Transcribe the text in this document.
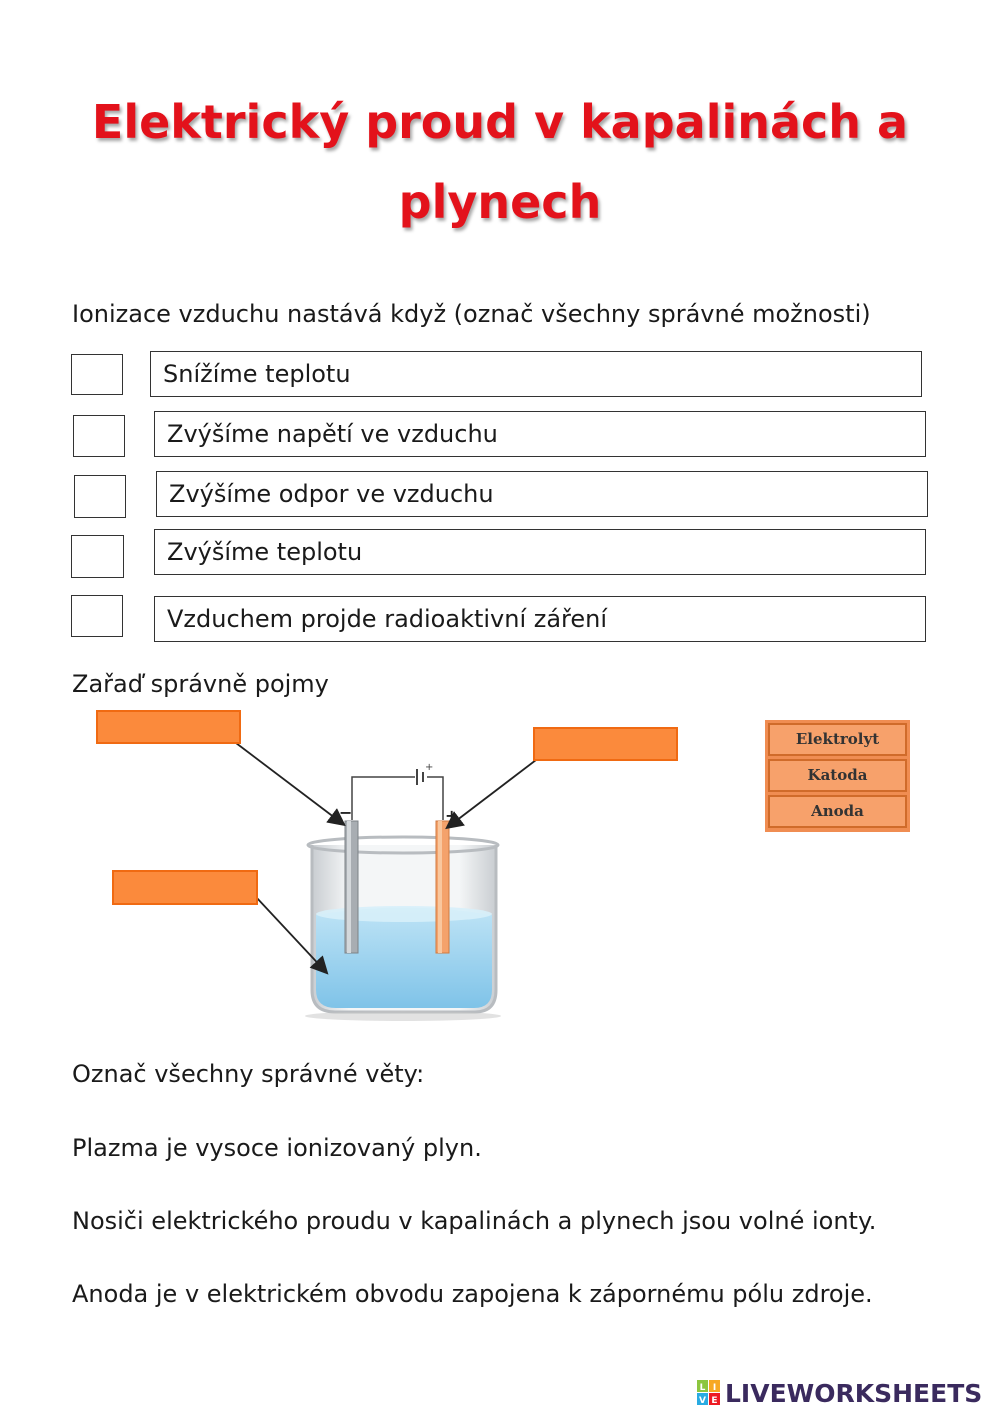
Elektrický proud v kapalinách a
plynech
Ionizace vzduchu nastává když (označ všechny správné možnosti)
Snížíme teplotu
Zvýšíme napětí ve vzduchu
Zvýšíme odpor ve vzduchu
Zvýšíme teplotu
Vzduchem projde radioaktivní záření
Zařaď správně pojmy
+
−	+
Elektrolyt
Katoda
Anoda
Označ všechny správné věty:
Plazma je vysoce ionizovaný plyn.
Nosiči elektrického proudu v kapalinách a plynech jsou volné ionty.
Anoda je v elektrickém obvodu zapojena k zápornému pólu zdroje.
L I
V E LIVEWORKSHEETS
